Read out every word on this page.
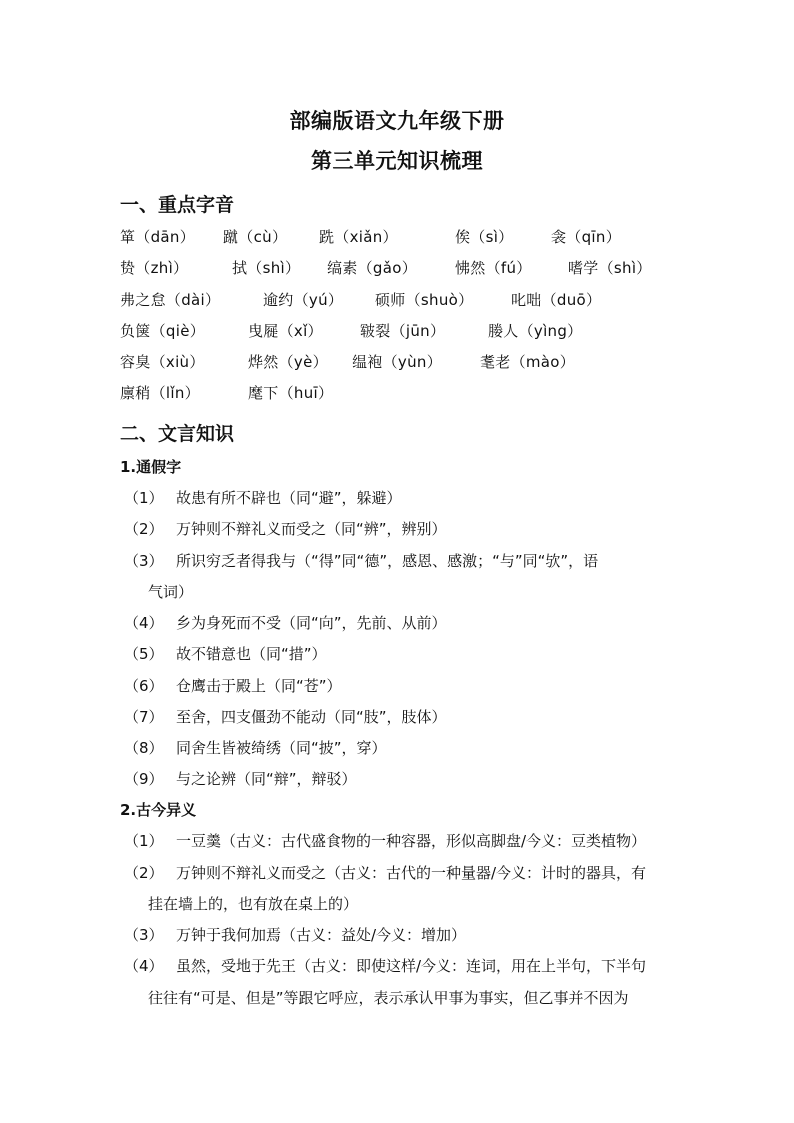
部编版语文九年级下册
第三单元知识梳理
一、重点字音
箪（dān） 蹴（cù） 跣（xiǎn）	俟（sì）	衾（qīn）
贽（zhì）	拭（shì） 缟素（gǎo）	怫然（fú） 嗜学（shì）
弗之怠（dài）	逾约（yú） 硕师（shuò）	叱咄（duō）
负箧（qiè）	曳屣（xǐ） 皲裂（jūn）	媵人（yìng）
容臭（xiù）	烨然（yè） 缊袍（yùn）	耄老（mào）
廪稍（lǐn）	麾下（huī）
二、文言知识
1.通假字
（1） 故患有所不辟也（同“避”，躲避）
（2） 万钟则不辩礼义而受之（同“辨”，辨别）
（3） 所识穷乏者得我与（“得”同“德”，感恩、感激；“与”同“欤”，语
气词）
（4） 乡为身死而不受（同“向”，先前、从前）
（5） 故不错意也（同“措”）
（6） 仓鹰击于殿上（同“苍”）
（7） 至舍，四支僵劲不能动（同“肢”，肢体）
（8） 同舍生皆被绮绣（同“披”，穿）
（9） 与之论辨（同“辩”，辩驳）
2.古今异义
（1） 一豆羹（古义：古代盛食物的一种容器，形似高脚盘/今义：豆类植物）
（2） 万钟则不辩礼义而受之（古义：古代的一种量器/今义：计时的器具，有
挂在墙上的，也有放在桌上的）
（3） 万钟于我何加焉（古义：益处/今义：增加）
（4） 虽然，受地于先王（古义：即使这样/今义：连词，用在上半句，下半句
往往有“可是、但是”等跟它呼应，表示承认甲事为事实，但乙事并不因为
